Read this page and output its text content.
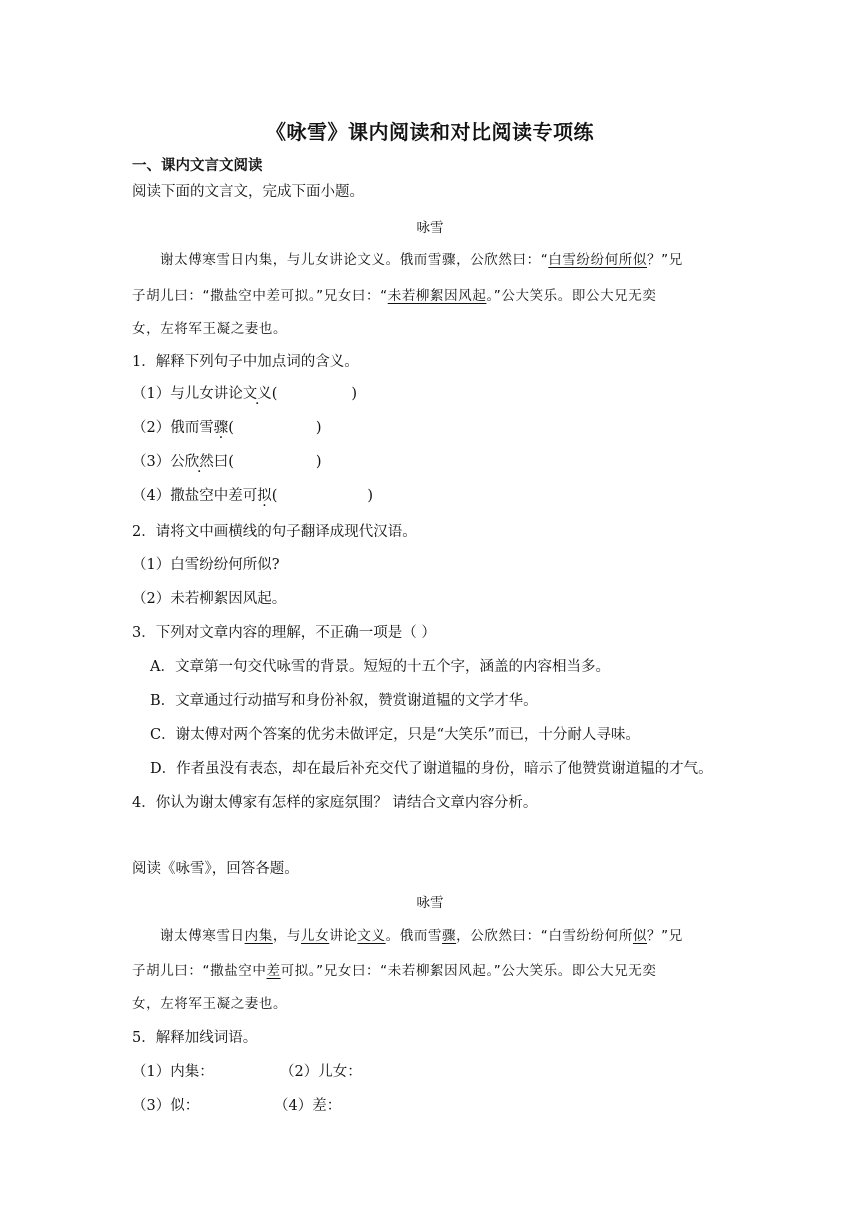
《咏雪》课内阅读和对比阅读专项练
一、课内文言文阅读
阅读下面的文言文，完成下面小题。
咏雪
谢太傅寒雪日内集，与儿女讲论文义。俄而雪骤，公欣然曰：“白雪纷纷何所似？”兄
子胡儿曰：“撒盐空中差可拟。”兄女曰：“未若柳絮因风起。”公大笑乐。即公大兄无奕
女，左将军王凝之妻也。
1．解释下列句子中加点词的含义。
（1）与儿女讲论文义(	)
（2）俄而雪骤(	)
（3）公欣然曰(	)
（4）撒盐空中差可拟(	)
2．请将文中画横线的句子翻译成现代汉语。
（1）白雪纷纷何所似?
（2）未若柳絮因风起。
3．下列对文章内容的理解，不正确一项是（ ）
A．文章第一句交代咏雪的背景。短短的十五个字，涵盖的内容相当多。
B．文章通过行动描写和身份补叙，赞赏谢道韫的文学才华。
C．谢太傅对两个答案的优劣未做评定，只是“大笑乐”而已，十分耐人寻味。
D．作者虽没有表态，却在最后补充交代了谢道韫的身份，暗示了他赞赏谢道韫的才气。
4．你认为谢太傅家有怎样的家庭氛围？ 请结合文章内容分析。
阅读《咏雪》，回答各题。
咏雪
谢太傅寒雪日内集，与儿女讲论文义。俄而雪骤，公欣然曰：“白雪纷纷何所似？”兄
子胡儿曰：“撒盐空中差可拟。”兄女曰：“未若柳絮因风起。”公大笑乐。即公大兄无奕
女，左将军王凝之妻也。
5．解释加线词语。
（1）内集：	（2）儿女：
（3）似：	（4）差：
